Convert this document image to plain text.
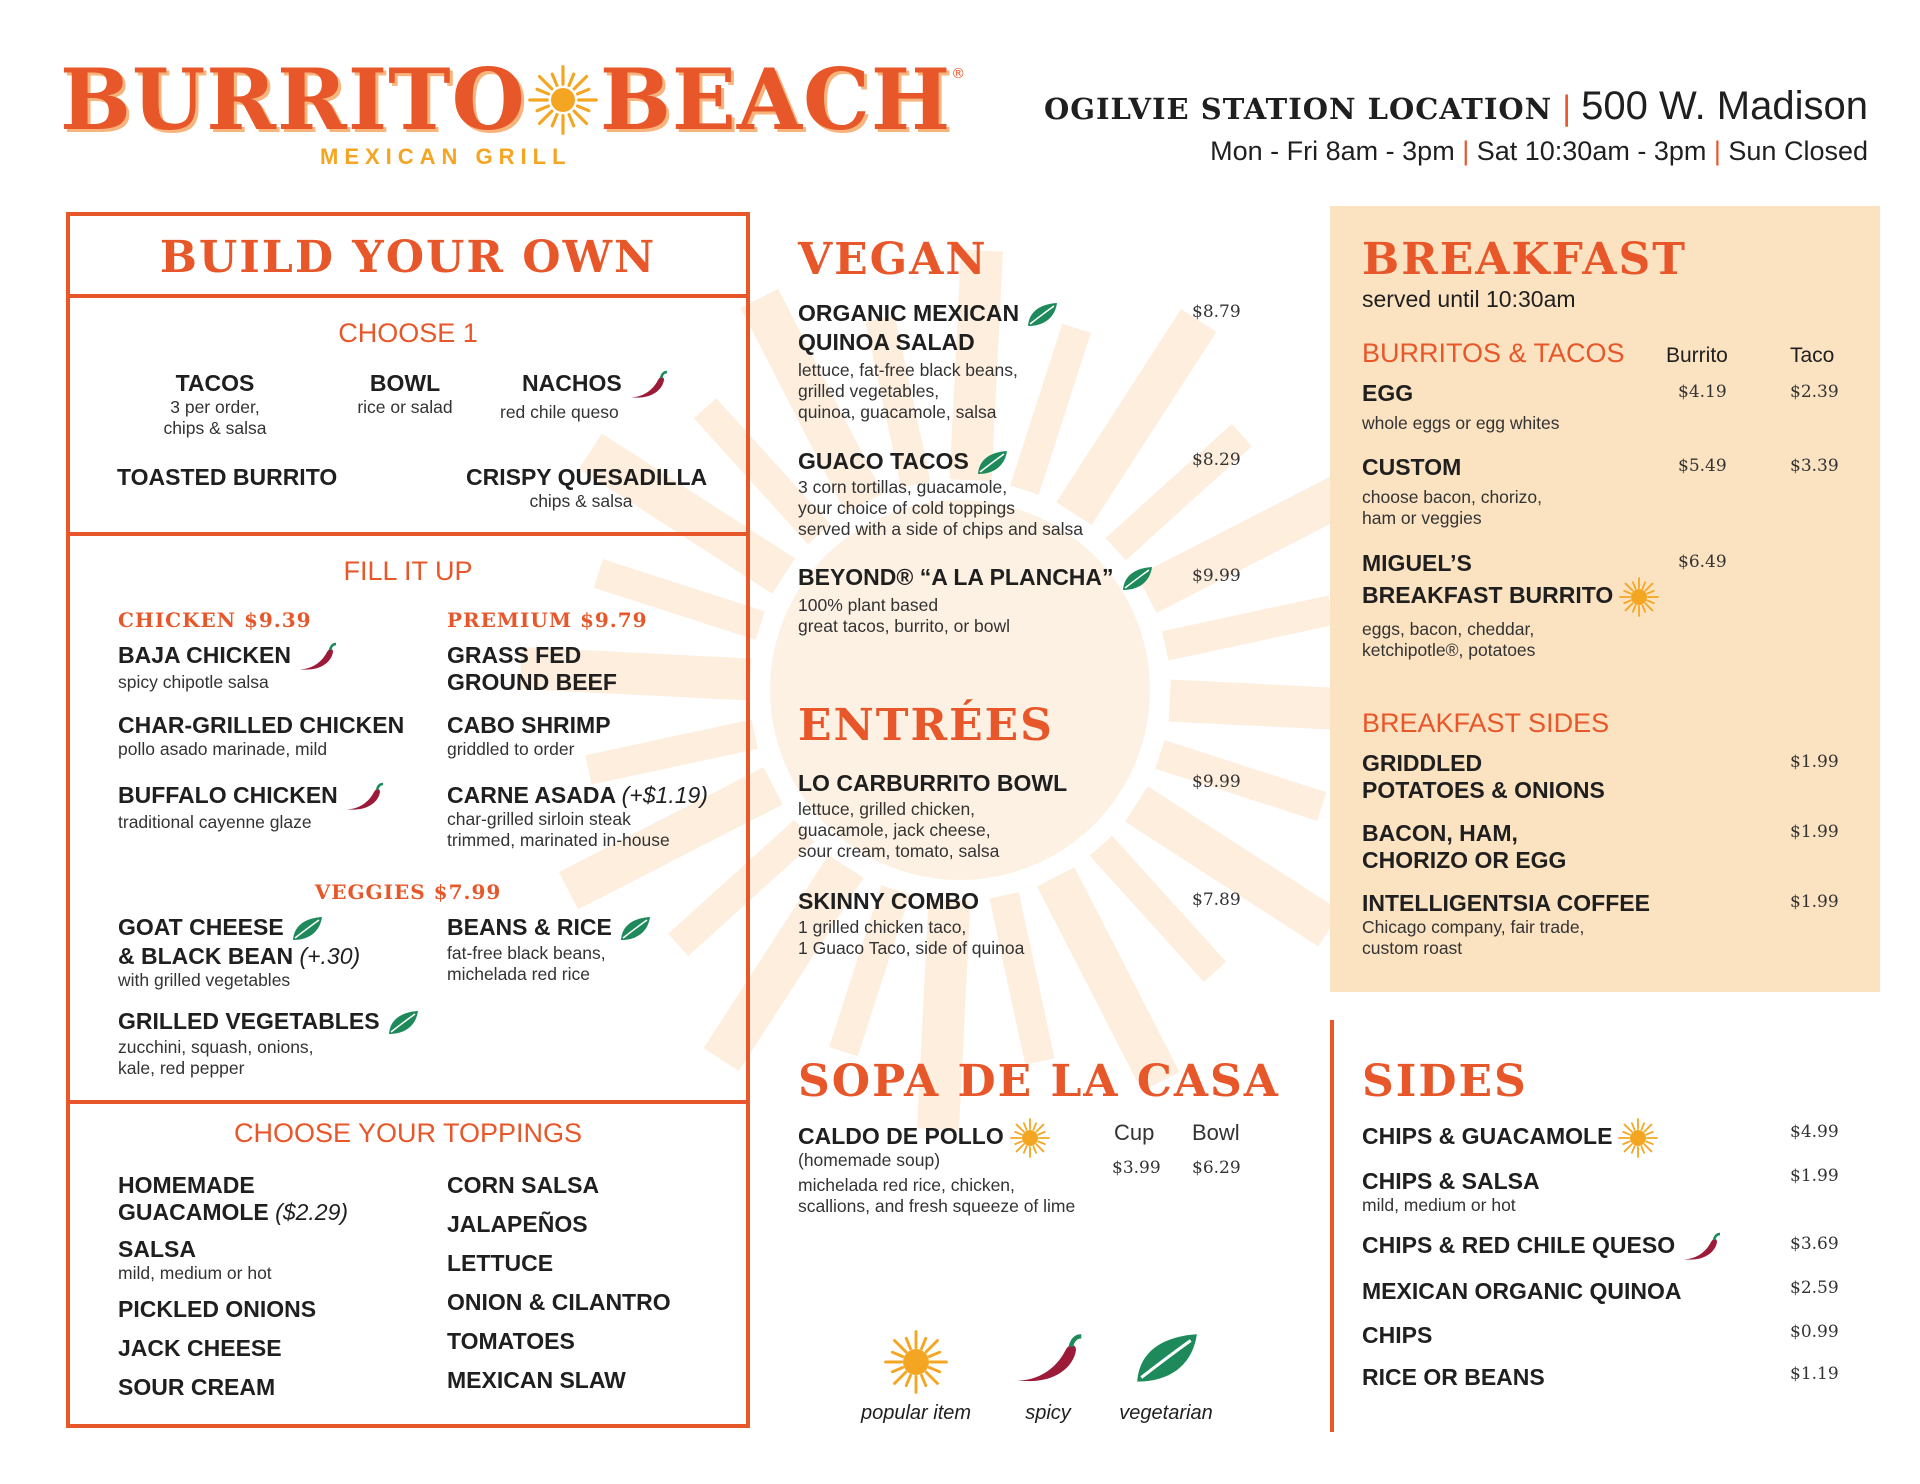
BURRITO BEACH ®
MEXICAN GRILL
OGILVIE STATION LOCATION | 500 W. Madison
Mon - Fri 8am - 3pm | Sat 10:30am - 3pm | Sun Closed
BUILD YOUR OWN
CHOOSE 1
TACOS
3 per order,
chips & salsa
BOWL
rice or salad
NACHOS
red chile queso
TOASTED BURRITO	CRISPY QUESADILLA
chips & salsa
FILL IT UP
CHICKEN $9.39	PREMIUM $9.79
BAJA CHICKEN
spicy chipotle salsa
CHAR-GRILLED CHICKEN
pollo asado marinade, mild
BUFFALO CHICKEN
traditional cayenne glaze
GRASS FED
GROUND BEEF
CABO SHRIMP
griddled to order
CARNE ASADA (+$1.19)
char-grilled sirloin steak
trimmed, marinated in-house
VEGGIES $7.99
GOAT CHEESE
& BLACK BEAN (+.30)
with grilled vegetables
BEANS & RICE
fat-free black beans,
michelada red rice
GRILLED VEGETABLES
zucchini, squash, onions,
kale, red pepper
CHOOSE YOUR TOPPINGS
HOMEMADE
GUACAMOLE ($2.29)
SALSA
mild, medium or hot
PICKLED ONIONS
JACK CHEESE
SOUR CREAM
CORN SALSA
JALAPEÑOS
LETTUCE
ONION & CILANTRO
TOMATOES
MEXICAN SLAW
VEGAN
ORGANIC MEXICAN
QUINOA SALAD
lettuce, fat-free black beans,
grilled vegetables,
quinoa, guacamole, salsa
$8.79
GUACO TACOS
3 corn tortillas, guacamole,
your choice of cold toppings
served with a side of chips and salsa
$8.29
BEYOND® “A LA PLANCHA”
100% plant based
great tacos, burrito, or bowl
$9.99
ENTRÉES
LO CARBURRITO BOWL
lettuce, grilled chicken,
guacamole, jack cheese,
sour cream, tomato, salsa
$9.99
SKINNY COMBO
1 grilled chicken taco,
1 Guaco Taco, side of quinoa
$7.89
SOPA DE LA CASA
CALDO DE POLLO
(homemade soup)
michelada red rice, chicken,
scallions, and fresh squeeze of lime
Cup Bowl
$3.99 $6.29
popular item	spicy	vegetarian
BREAKFAST
served until 10:30am
BURRITOS & TACOS Burrito	Taco
EGG
whole eggs or egg whites
$4.19	$2.39
CUSTOM
choose bacon, chorizo,
ham or veggies
$5.49	$3.39
MIGUEL’S
BREAKFAST BURRITO
eggs, bacon, cheddar,
ketchipotle®, potatoes
$6.49
BREAKFAST SIDES
GRIDDLED
POTATOES & ONIONS
$1.99
BACON, HAM,
CHORIZO OR EGG
$1.99
INTELLIGENTSIA COFFEE
Chicago company, fair trade,
custom roast
$1.99
SIDES
CHIPS & GUACAMOLE	$4.99
CHIPS & SALSA
mild, medium or hot
$1.99
CHIPS & RED CHILE QUESO	$3.69
MEXICAN ORGANIC QUINOA	$2.59
CHIPS	$0.99
RICE OR BEANS	$1.19
